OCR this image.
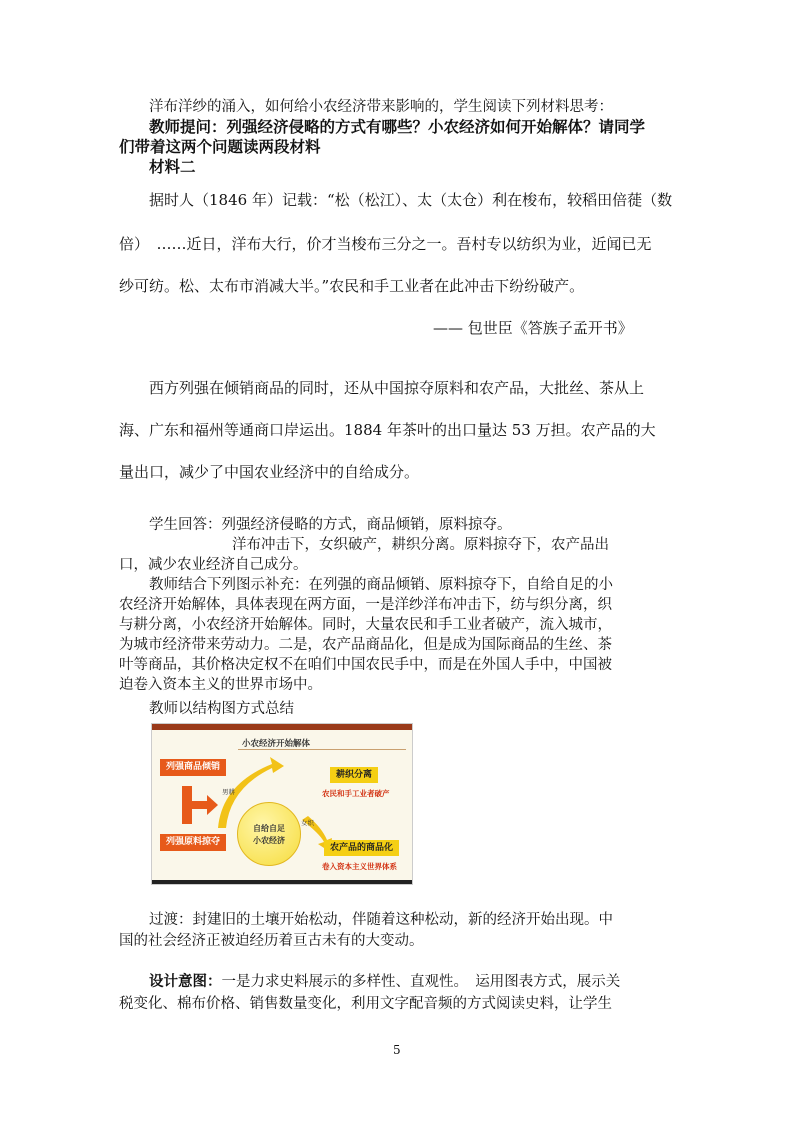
洋布洋纱的涌入，如何给小农经济带来影响的，学生阅读下列材料思考：
教师提问：列强经济侵略的方式有哪些？小农经济如何开始解体？请同学
们带着这两个问题读两段材料
材料二
据时人（1846 年）记载：“松（松江）、太（太仓）利在梭布，较稻田倍蓰（数
倍）　……近日，洋布大行，价才当梭布三分之一。吾村专以纺织为业，近闻已无
纱可纺。松、太布市消减大半。”农民和手工业者在此冲击下纷纷破产。
—— 包世臣《答族子孟开书》
西方列强在倾销商品的同时，还从中国掠夺原料和农产品，大批丝、茶从上
海、广东和福州等通商口岸运出。1884 年茶叶的出口量达 53 万担。农产品的大
量出口，减少了中国农业经济中的自给成分。
学生回答：列强经济侵略的方式，商品倾销，原料掠夺。
洋布冲击下，女织破产，耕织分离。原料掠夺下，农产品出
口，减少农业经济自己成分。
教师结合下列图示补充：在列强的商品倾销、原料掠夺下，自给自足的小
农经济开始解体，具体表现在两方面，一是洋纱洋布冲击下，纺与织分离，织
与耕分离，小农经济开始解体。同时，大量农民和手工业者破产，流入城市，
为城市经济带来劳动力。二是，农产品商品化，但是成为国际商品的生丝、茶
叶等商品，其价格决定权不在咱们中国农民手中，而是在外国人手中，中国被
迫卷入资本主义的世界市场中。
教师以结构图方式总结
小农经济开始解体
列强商品倾销
列强原料掠夺
自给自足
小农经济
男耕
女织
耕织分离
农民和手工业者破产
农产品的商品化
卷入资本主义世界体系
过渡：封建旧的土壤开始松动，伴随着这种松动，新的经济开始出现。中
国的社会经济正被迫经历着亘古未有的大变动。
设计意图：一是力求史料展示的多样性、直观性。　运用图表方式，展示关
税变化、棉布价格、销售数量变化，利用文字配音频的方式阅读史料，让学生
5
